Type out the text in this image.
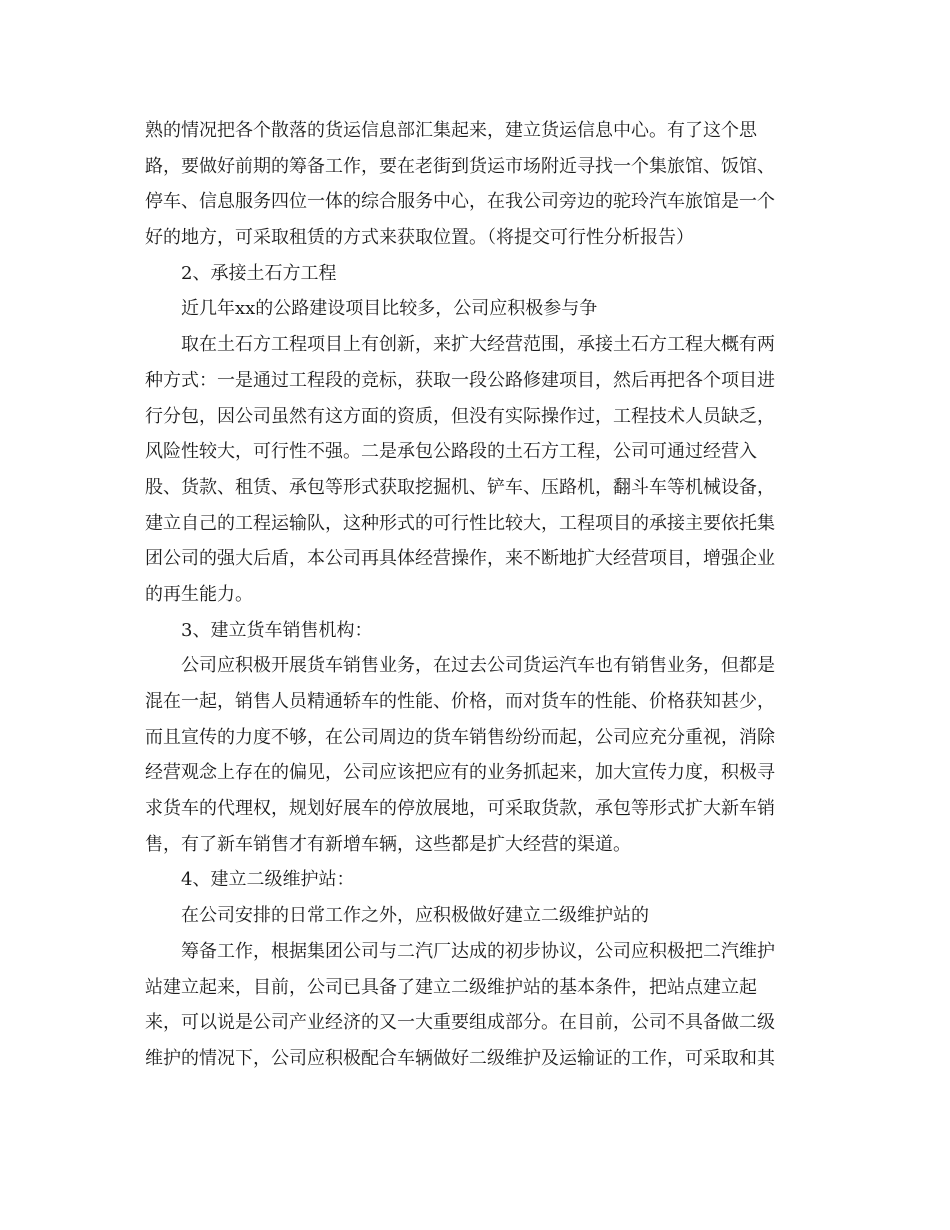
熟的情况把各个散落的货运信息部汇集起来，建立货运信息中心。有了这个思
路，要做好前期的筹备工作，要在老街到货运市场附近寻找一个集旅馆、饭馆、
停车、信息服务四位一体的综合服务中心，在我公司旁边的驼玲汽车旅馆是一个
好的地方，可采取租赁的方式来获取位置。（将提交可行性分析报告）
2、承接土石方工程
近几年xx的公路建设项目比较多，公司应积极参与争
取在土石方工程项目上有创新，来扩大经营范围，承接土石方工程大概有两
种方式：一是通过工程段的竞标，获取一段公路修建项目，然后再把各个项目进
行分包，因公司虽然有这方面的资质，但没有实际操作过，工程技术人员缺乏，
风险性较大，可行性不强。二是承包公路段的土石方工程，公司可通过经营入
股、货款、租赁、承包等形式获取挖掘机、铲车、压路机，翻斗车等机械设备，
建立自己的工程运输队，这种形式的可行性比较大，工程项目的承接主要依托集
团公司的强大后盾，本公司再具体经营操作，来不断地扩大经营项目，增强企业
的再生能力。
3、建立货车销售机构：
公司应积极开展货车销售业务，在过去公司货运汽车也有销售业务，但都是
混在一起，销售人员精通轿车的性能、价格，而对货车的性能、价格获知甚少，
而且宣传的力度不够，在公司周边的货车销售纷纷而起，公司应充分重视，消除
经营观念上存在的偏见，公司应该把应有的业务抓起来，加大宣传力度，积极寻
求货车的代理权，规划好展车的停放展地，可采取货款，承包等形式扩大新车销
售，有了新车销售才有新增车辆，这些都是扩大经营的渠道。
4、建立二级维护站：
在公司安排的日常工作之外，应积极做好建立二级维护站的
筹备工作，根据集团公司与二汽厂达成的初步协议，公司应积极把二汽维护
站建立起来，目前，公司已具备了建立二级维护站的基本条件，把站点建立起
来，可以说是公司产业经济的又一大重要组成部分。在目前，公司不具备做二级
维护的情况下，公司应积极配合车辆做好二级维护及运输证的工作，可采取和其
